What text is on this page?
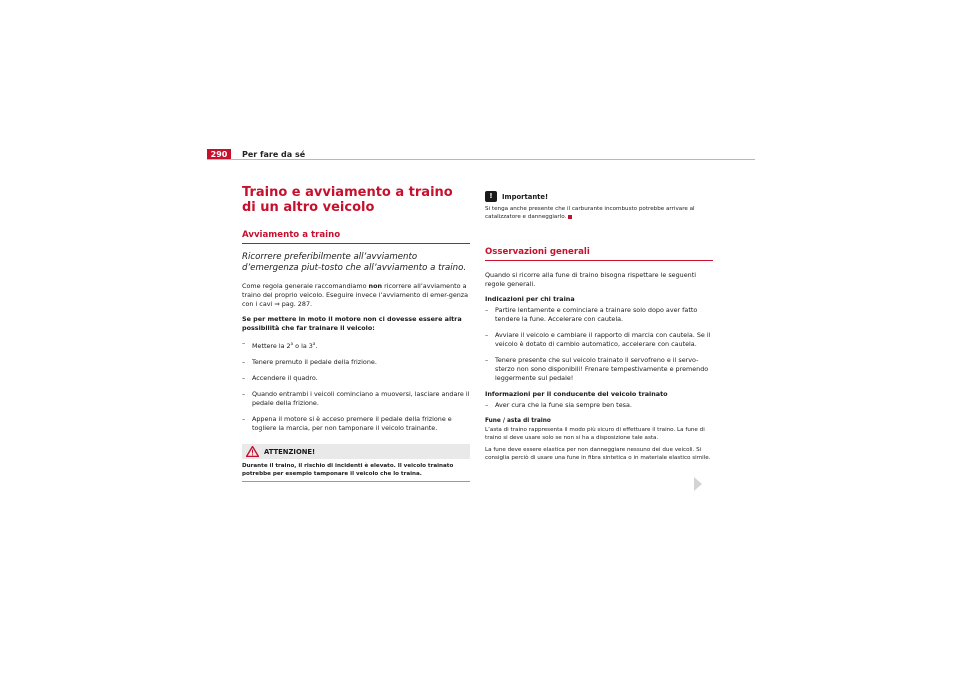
290	Per fare da sé
Traino e avviamento a traino di un altro veicolo
Avviamento a traino
Ricorrere preferibilmente all’avviamento d’emergenza piut-tosto che all’avviamento a traino.

Come regola generale raccomandiamo non ricorrere all’avviamento a traino del proprio veicolo. Eseguire invece l’avviamento di emer-genza con i cavi ⇒ pag. 287.

Se per mettere in moto il motore non ci dovesse essere altra possibilità che far trainare il veicolo:

– Mettere la 2$^a$ o la 3$^a$.
– Tenere premuto il pedale della frizione.
– Accendere il quadro.
– Quando entrambi i veicoli cominciano a muoversi, lasciare andare il pedale della frizione.
– Appena il motore si è acceso premere il pedale della frizione e togliere la marcia, per non tamponare il veicolo trainante.
ATTENZIONE!

Durante il traino, il rischio di incidenti è elevato. Il veicolo trainato potrebbe per esempio tamponare il veicolo che lo traina.

!	Importante!

Si tenga anche presente che il carburante incombusto potrebbe arrivare al catalizzatore e danneggiarlo.

Osservazioni generali

Quando si ricorre alla fune di traino bisogna rispettare le seguenti regole generali.

Indicazioni per chi traina

– Partire lentamente e cominciare a trainare solo dopo aver fatto tendere la fune. Accelerare con cautela.
– Avviare il veicolo e cambiare il rapporto di marcia con cautela. Se il veicolo è dotato di cambio automatico, accelerare con cautela.
– Tenere presente che sul veicolo trainato il servofreno e il servo-sterzo non sono disponibili! Frenare tempestivamente e premendo leggermente sul pedale!

Informazioni per il conducente del veicolo trainato

– Aver cura che la fune sia sempre ben tesa.
Fune / asta di traino

L’asta di traino rappresenta il modo più sicuro di effettuare il traino. La fune di traino si deve usare solo se non si ha a disposizione tale asta.

La fune deve essere elastica per non danneggiare nessuno dei due veicoli. Si consiglia perciò di usare una fune in fibra sintetica o in materiale elastico simile.
